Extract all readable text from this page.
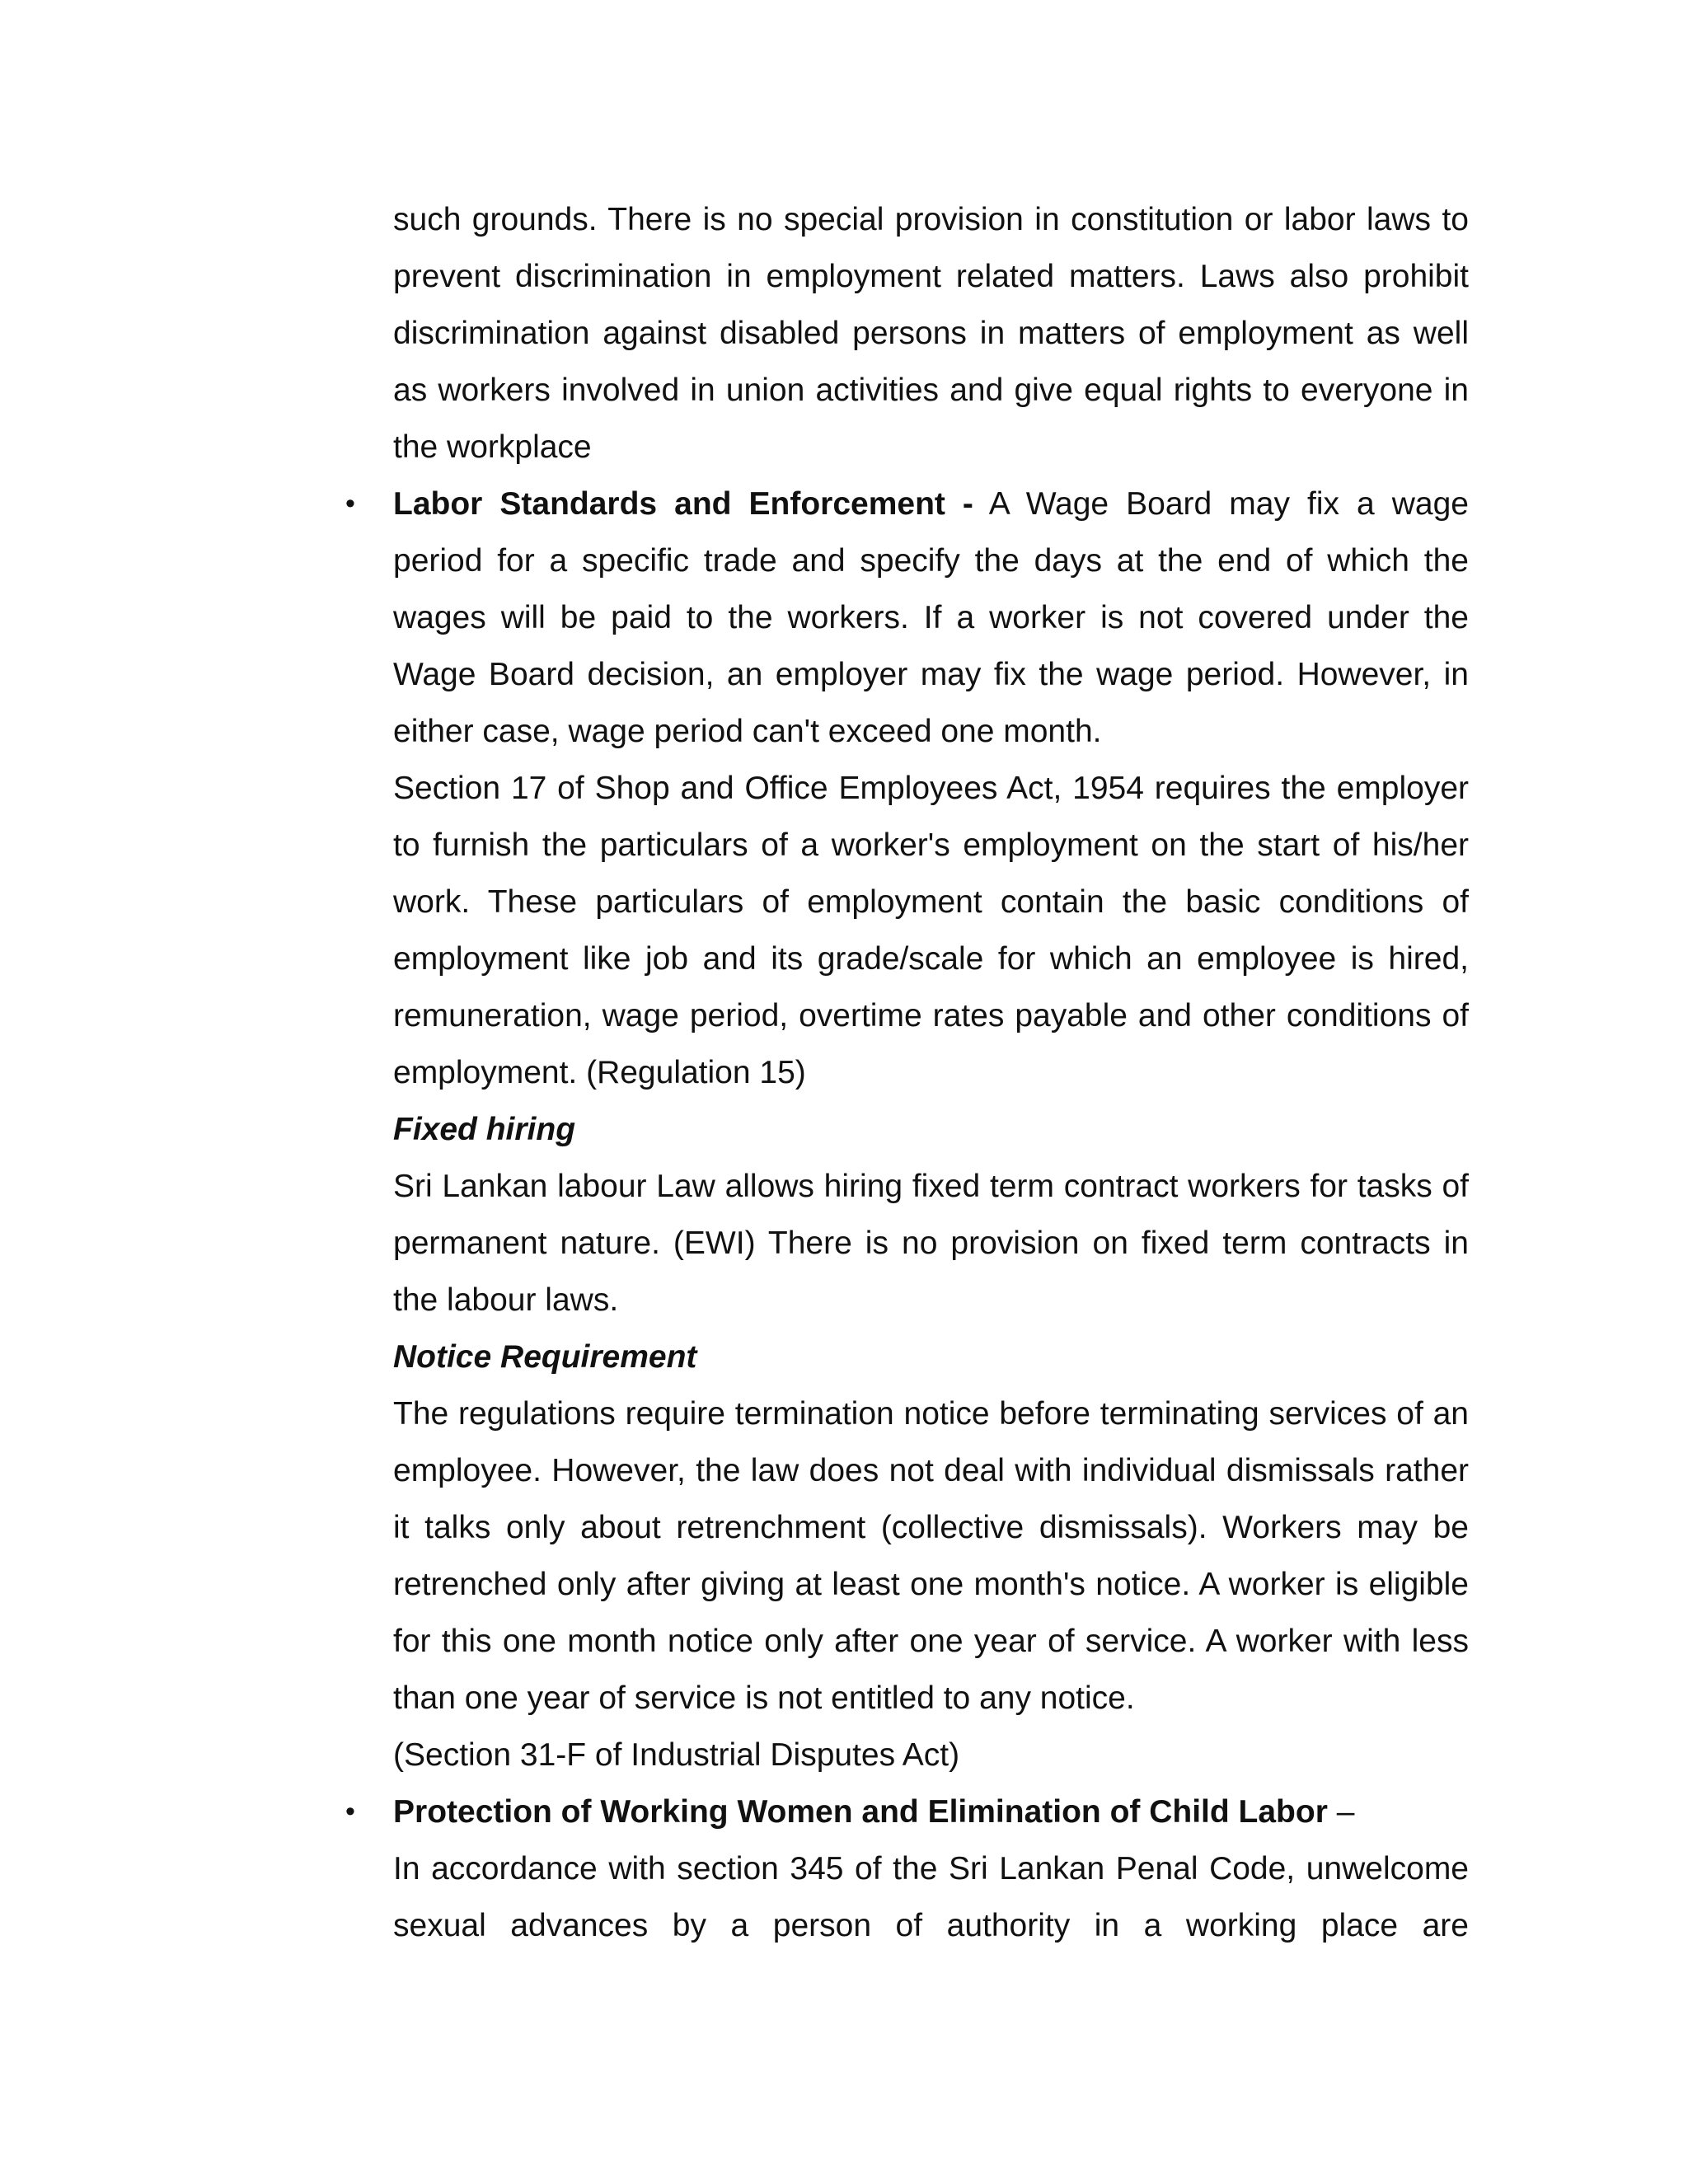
such grounds. There is no special provision in constitution or labor laws to prevent discrimination in employment related matters. Laws also prohibit discrimination against disabled persons in matters of employment as well as workers involved in union activities and give equal rights to everyone in the workplace

• Labor Standards and Enforcement - A Wage Board may fix a wage period for a specific trade and specify the days at the end of which the wages will be paid to the workers. If a worker is not covered under the Wage Board decision, an employer may fix the wage period. However, in either case, wage period can't exceed one month.

Section 17 of Shop and Office Employees Act, 1954 requires the employer to furnish the particulars of a worker's employment on the start of his/her work. These particulars of employment contain the basic conditions of employment like job and its grade/scale for which an employee is hired, remuneration, wage period, overtime rates payable and other conditions of employment. (Regulation 15)

Fixed hiring

Sri Lankan labour Law allows hiring fixed term contract workers for tasks of permanent nature. (EWI) There is no provision on fixed term contracts in the labour laws.

Notice Requirement

The regulations require termination notice before terminating services of an employee. However, the law does not deal with individual dismissals rather it talks only about retrenchment (collective dismissals). Workers may be retrenched only after giving at least one month's notice. A worker is eligible for this one month notice only after one year of service. A worker with less than one year of service is not entitled to any notice.

(Section 31-F of Industrial Disputes Act)

• Protection of Working Women and Elimination of Child Labor –

In accordance with section 345 of the Sri Lankan Penal Code, unwelcome sexual advances by a person of authority in a working place are
